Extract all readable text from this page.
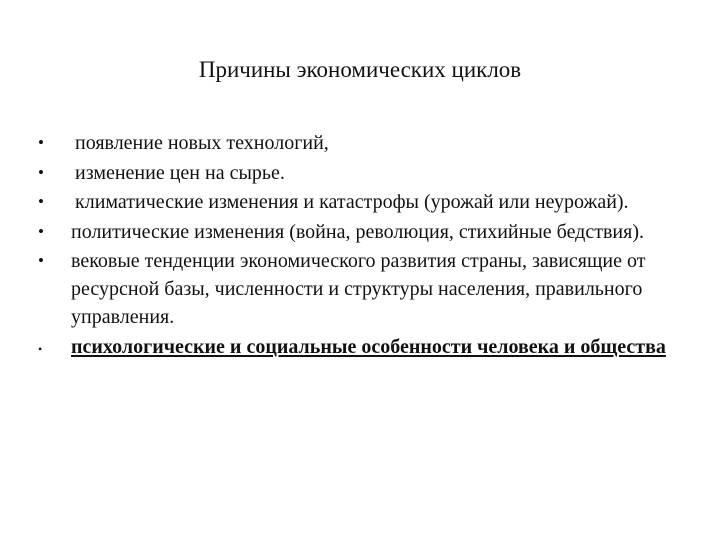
Причины экономических циклов
•	появление новых технологий,
•	изменение цен на сырье.
•	климатические изменения и катастрофы (урожай или неурожай).
•	политические изменения (война, революция, стихийные бедствия).
•	вековые тенденции экономического развития страны, зависящие от ресурсной базы, численности и структуры населения, правильного управления.
•	психологические и социальные особенности человека и общества
